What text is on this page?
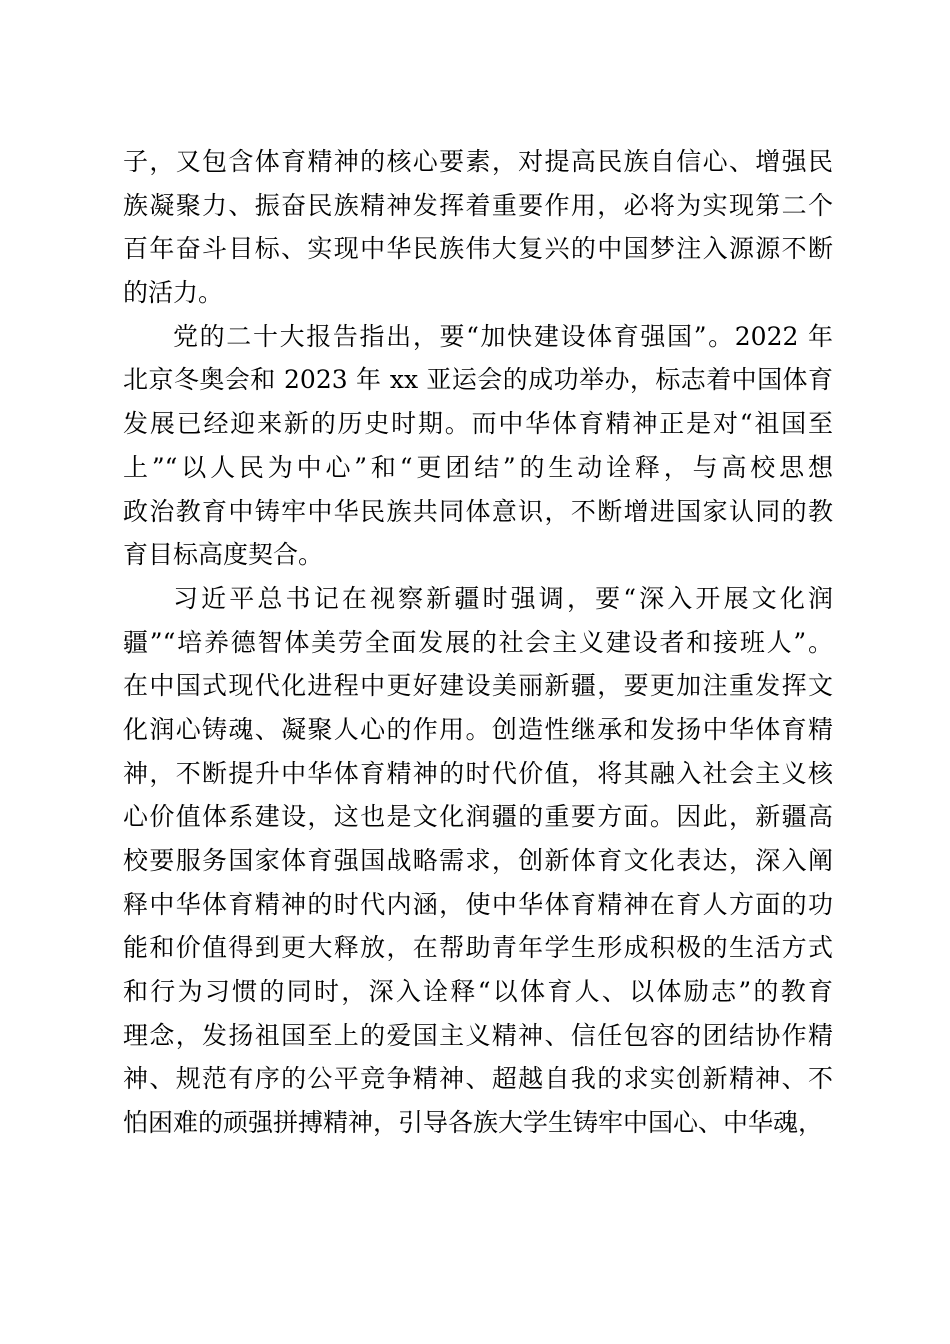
子，又包含体育精神的核心要素，对提高民族自信心、增强民
族凝聚力、振奋民族精神发挥着重要作用，必将为实现第二个
百年奋斗目标、实现中华民族伟大复兴的中国梦注入源源不断
的活力。
党的二十大报告指出，要“加快建设体育强国”。2022 年
北京冬奥会和 2023 年 xx 亚运会的成功举办，标志着中国体育
发展已经迎来新的历史时期。而中华体育精神正是对“祖国至
上”“以人民为中心”和“更团结”的生动诠释，与高校思想
政治教育中铸牢中华民族共同体意识，不断增进国家认同的教
育目标高度契合。
习近平总书记在视察新疆时强调，要“深入开展文化润
疆”“培养德智体美劳全面发展的社会主义建设者和接班人”。
在中国式现代化进程中更好建设美丽新疆，要更加注重发挥文
化润心铸魂、凝聚人心的作用。创造性继承和发扬中华体育精
神，不断提升中华体育精神的时代价值，将其融入社会主义核
心价值体系建设，这也是文化润疆的重要方面。因此，新疆高
校要服务国家体育强国战略需求，创新体育文化表达，深入阐
释中华体育精神的时代内涵，使中华体育精神在育人方面的功
能和价值得到更大释放，在帮助青年学生形成积极的生活方式
和行为习惯的同时，深入诠释“以体育人、以体励志”的教育
理念，发扬祖国至上的爱国主义精神、信任包容的团结协作精
神、规范有序的公平竞争精神、超越自我的求实创新精神、不
怕困难的顽强拼搏精神，引导各族大学生铸牢中国心、中华魂，
